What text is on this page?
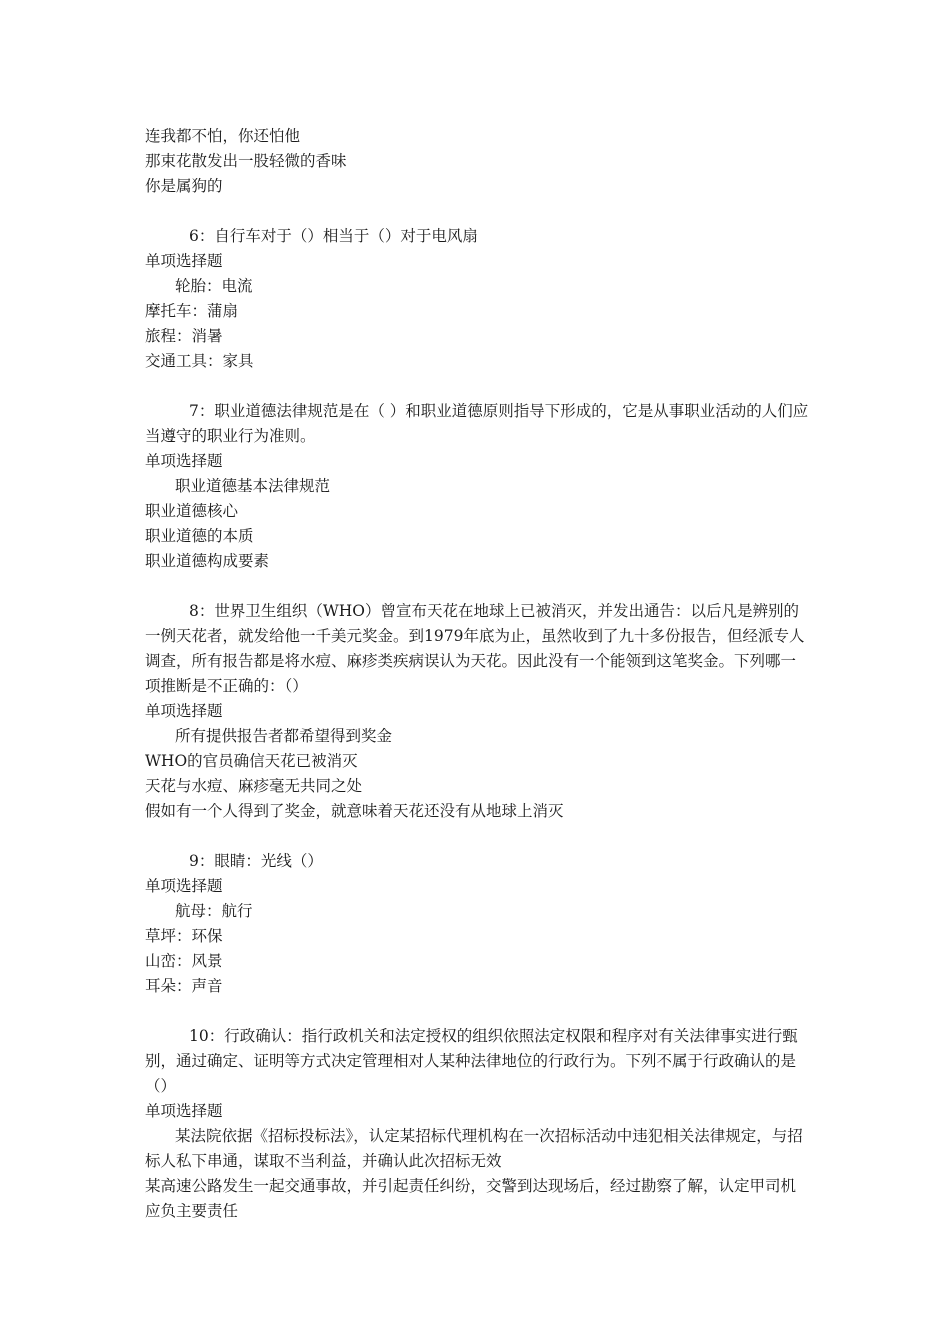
连我都不怕，你还怕他
那束花散发出一股轻微的香味
你是属狗的
6：自行车对于（）相当于（）对于电风扇
单项选择题
轮胎：电流
摩托车：蒲扇
旅程：消暑
交通工具：家具
7：职业道德法律规范是在（ ）和职业道德原则指导下形成的，它是从事职业活动的人们应当遵守的职业行为准则。
单项选择题
职业道德基本法律规范
职业道德核心
职业道德的本质
职业道德构成要素
8：世界卫生组织（WHO）曾宣布天花在地球上已被消灭，并发出通告：以后凡是辨别的一例天花者，就发给他一千美元奖金。到1979年底为止，虽然收到了九十多份报告，但经派专人调查，所有报告都是将水痘、麻疹类疾病误认为天花。因此没有一个能领到这笔奖金。下列哪一项推断是不正确的：（）
单项选择题
所有提供报告者都希望得到奖金
WHO的官员确信天花已被消灭
天花与水痘、麻疹毫无共同之处
假如有一个人得到了奖金，就意味着天花还没有从地球上消灭
9：眼睛：光线（）
单项选择题
航母：航行
草坪：环保
山峦：风景
耳朵：声音
10：行政确认：指行政机关和法定授权的组织依照法定权限和程序对有关法律事实进行甄别，通过确定、证明等方式决定管理相对人某种法律地位的行政行为。下列不属于行政确认的是（）
单项选择题
某法院依据《招标投标法》，认定某招标代理机构在一次招标活动中违犯相关法律规定，与招标人私下串通，谋取不当利益，并确认此次招标无效
某高速公路发生一起交通事故，并引起责任纠纷，交警到达现场后，经过勘察了解，认定甲司机应负主要责任
